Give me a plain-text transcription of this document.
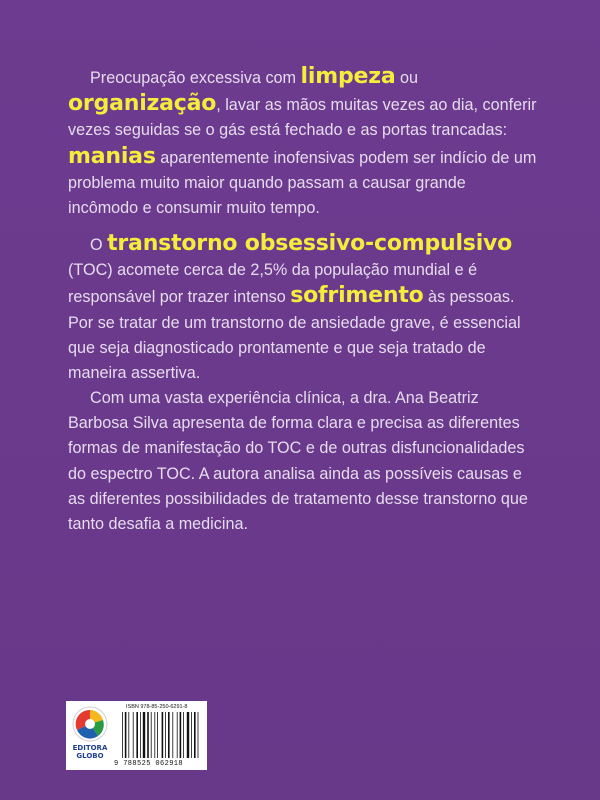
Preocupação excessiva com limpeza ou organização, lavar as mãos muitas vezes ao dia, conferir vezes seguidas se o gás está fechado e as portas trancadas: manias aparentemente inofensivas podem ser indício de um problema muito maior quando passam a causar grande incômodo e consumir muito tempo.

O transtorno obsessivo-compulsivo (TOC) acomete cerca de 2,5% da população mundial e é responsável por trazer intenso sofrimento às pessoas. Por se tratar de um transtorno de ansiedade grave, é essencial que seja diagnosticado prontamente e que seja tratado de maneira assertiva.

Com uma vasta experiência clínica, a dra. Ana Beatriz Barbosa Silva apresenta de forma clara e precisa as diferentes formas de manifestação do TOC e de outras disfuncionalidades do espectro TOC. A autora analisa ainda as possíveis causas e as diferentes possibilidades de tratamento desse transtorno que tanto desafia a medicina.

EDITORA
GLOBO
ISBN 978-85-250-6291-8
9 788525 062918
